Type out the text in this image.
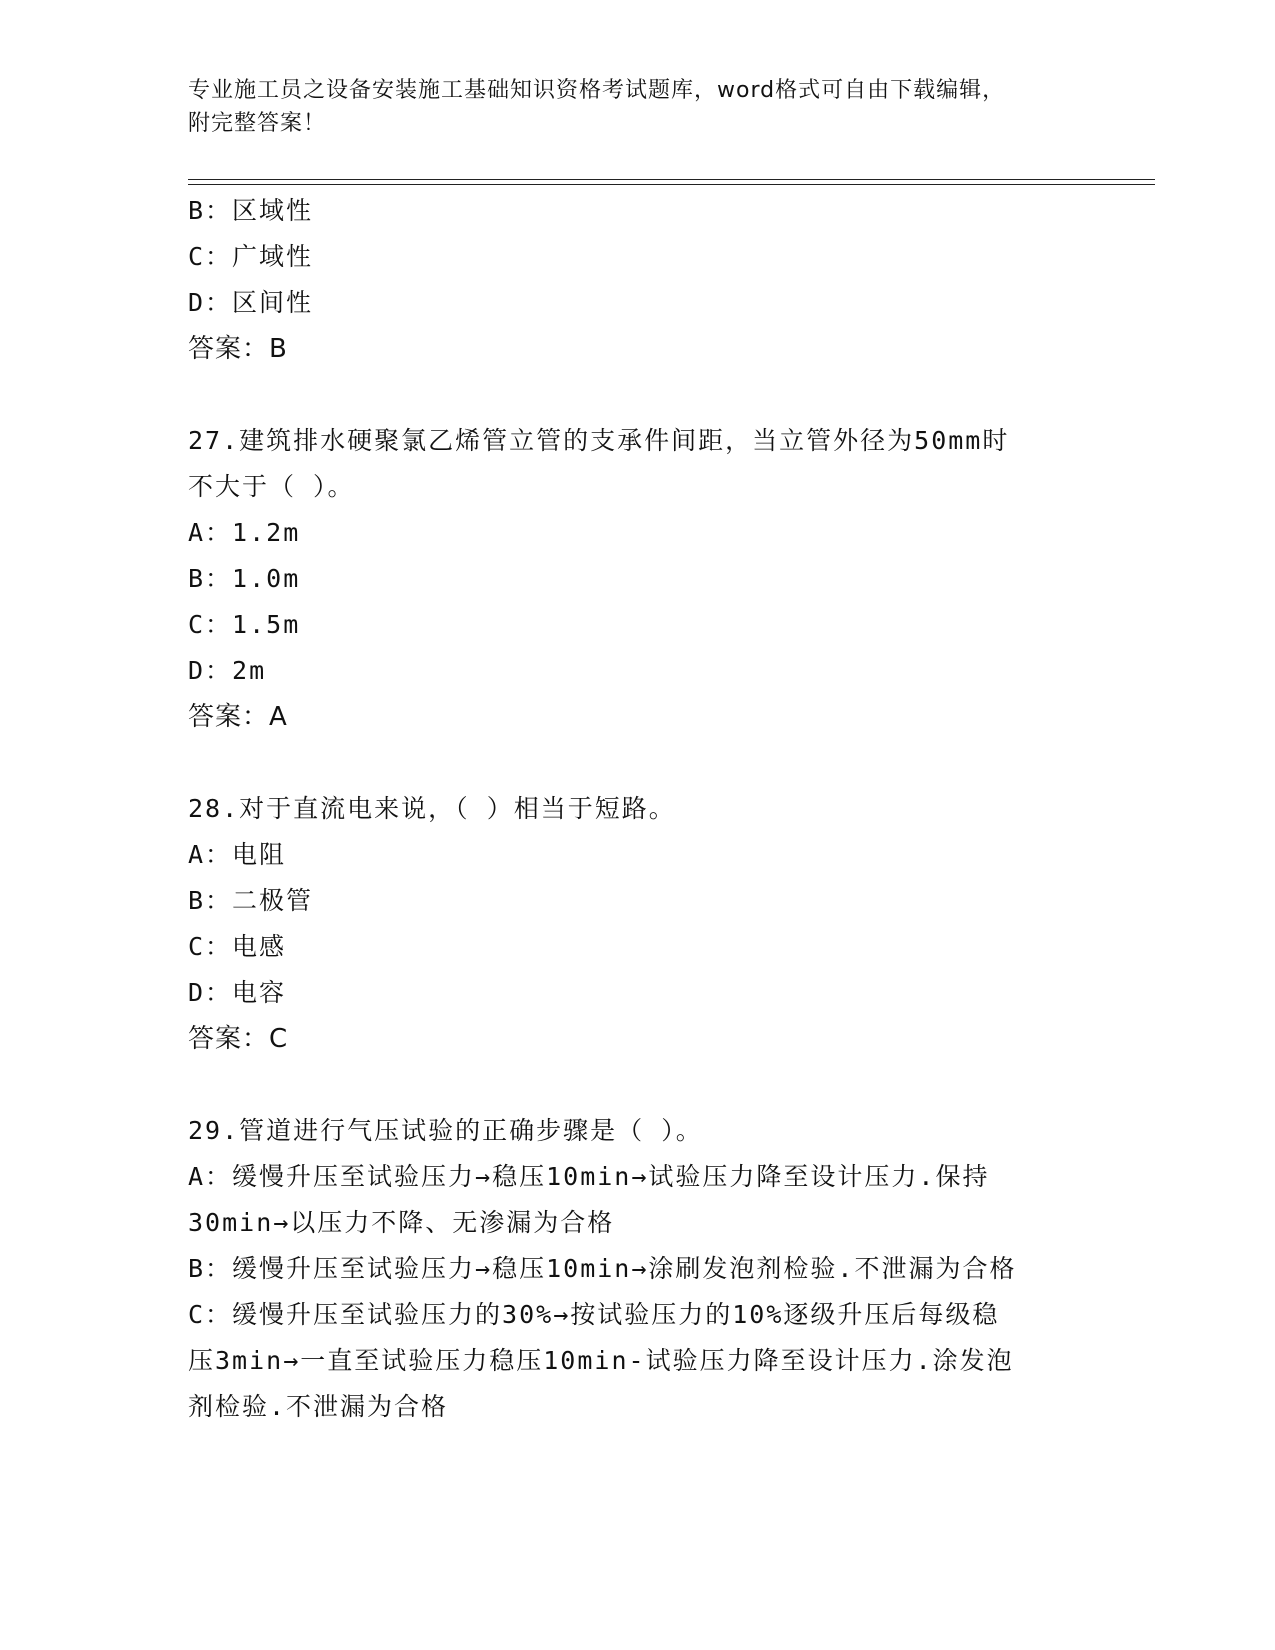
专业施工员之设备安装施工基础知识资格考试题库，word格式可自由下载编辑，
附完整答案！
B：区域性
C：广域性
D：区间性
答案：B
27.建筑排水硬聚氯乙烯管立管的支承件间距，当立管外径为50mm时
不大于（ ）。
A：1.2m
B：1.0m
C：1.5m
D：2m
答案：A
28.对于直流电来说，（ ）相当于短路。
A：电阻
B：二极管
C：电感
D：电容
答案：C
29.管道进行气压试验的正确步骤是（ ）。
A：缓慢升压至试验压力→稳压10min→试验压力降至设计压力.保持
30min→以压力不降、无渗漏为合格
B：缓慢升压至试验压力→稳压10min→涂刷发泡剂检验.不泄漏为合格
C：缓慢升压至试验压力的30%→按试验压力的10%逐级升压后每级稳
压3min→一直至试验压力稳压10min-试验压力降至设计压力.涂发泡
剂检验.不泄漏为合格
